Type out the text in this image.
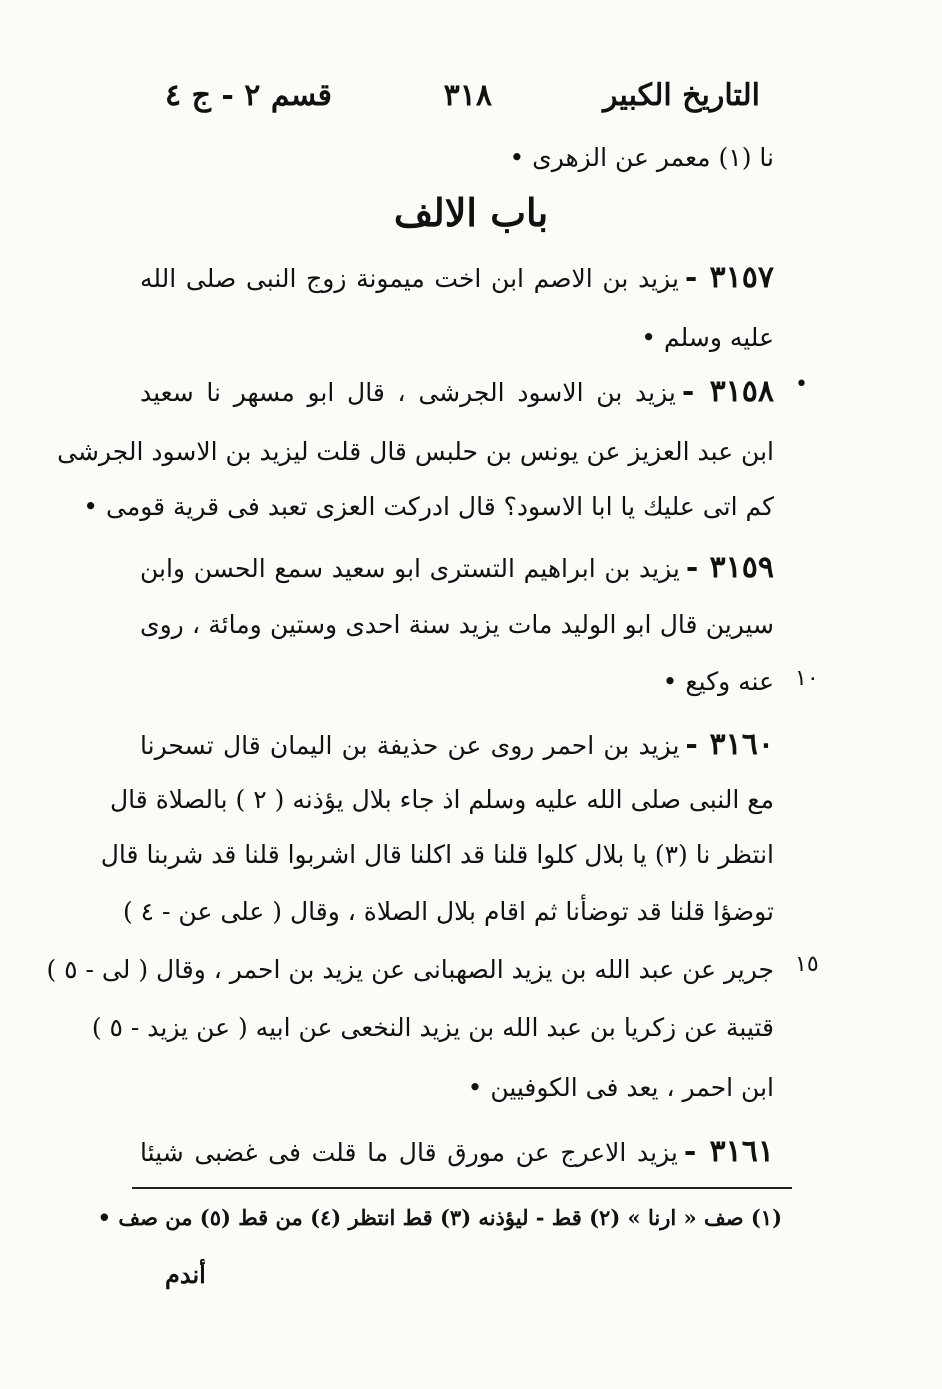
التاريخ الكبير
٣١٨
قسم ٢ - ج ٤
نا (١) معمر عن الزهرى •
باب الالف
٣١٥٧ -يزيد بن الاصم ابن اخت ميمونة زوج النبى صلى الله
عليه وسلم •
•
٣١٥٨ -يزيد بن الاسود الجرشى ، قال ابو مسهر نا سعيد
ابن عبد العزيز عن يونس بن حلبس قال قلت ليزيد بن الاسود الجرشى
كم اتى عليك يا ابا الاسود؟ قال ادركت العزى تعبد فى قرية قومى •
٣١٥٩ -يزيد بن ابراهيم التسترى ابو سعيد سمع الحسن وابن
سيرين قال ابو الوليد مات يزيد سنة احدى وستين ومائة ، روى
١٠
عنه وكيع •
٣١٦٠ -يزيد بن احمر روى عن حذيفة بن اليمان قال تسحرنا
مع النبى صلى الله عليه وسلم اذ جاء بلال يؤذنه ( ٢ ) بالصلاة قال
انتظر نا (٣) يا بلال كلوا قلنا قد اكلنا قال اشربوا قلنا قد شربنا قال
توضؤا قلنا قد توضأنا ثم اقام بلال الصلاة ، وقال ( على عن - ٤ )
١٥
جرير عن عبد الله بن يزيد الصهبانى عن يزيد بن احمر ، وقال ( لى - ٥ )
قتيبة عن زكريا بن عبد الله بن يزيد النخعى عن ابيه ( عن يزيد - ٥ )
ابن احمر ، يعد فى الكوفيين •
٣١٦١ -يزيد الاعرج عن مورق قال ما قلت فى غضبى شيئا
(١) صف « ارنا » (٢) قط - ليؤذنه (٣) قط انتظر (٤) من قط (٥) من صف •
أندم
